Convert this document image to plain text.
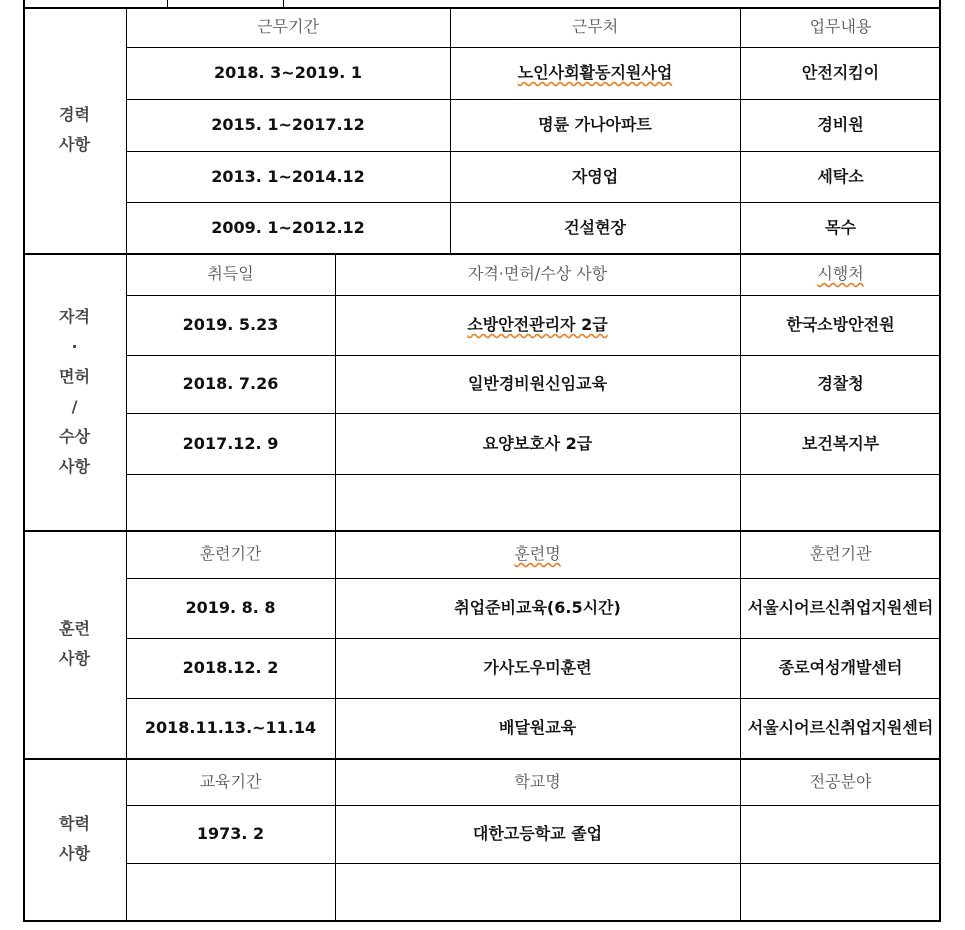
경력
사항
근무기간	근무처	업무내용
2018. 3~2019. 1	노인사회활동지원사업	안전지킴이
2015. 1~2017.12	명륜 가나아파트	경비원
2013. 1~2014.12	자영업	세탁소
2009. 1~2012.12	건설현장	목수
자격
·
면허
/
수상
사항
취득일	자격·면허/수상 사항	시행처
2019. 5.23	소방안전관리자 2급	한국소방안전원
2018. 7.26	일반경비원신임교육	경찰청
2017.12. 9	요양보호사 2급	보건복지부
훈련
사항
훈련기간	훈련명	훈련기관
2019. 8. 8	취업준비교육(6.5시간)	서울시어르신 취업지원센터
2018.12. 2	가사도우미훈련	종로여성개발센터
2018.11.13.~11.14	배달원교육	서울시어르신 취업지원센터
학력
사항
교육기간	학교명	전공분야
1973. 2	대한고등학교 졸업
